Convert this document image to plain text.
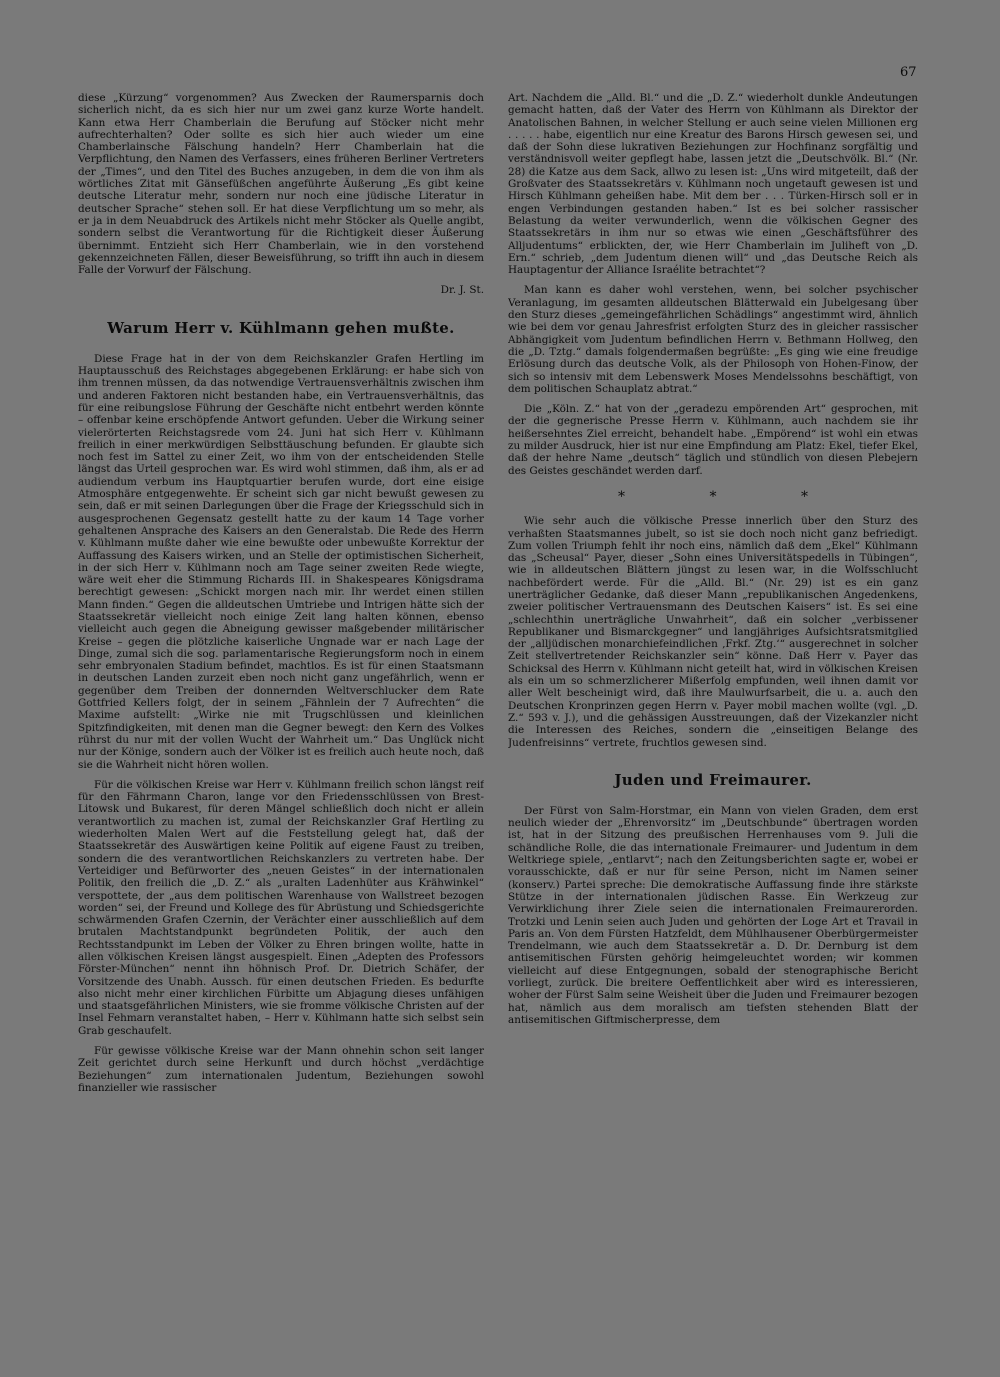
67

diese „Kürzung“ vorgenommen? Aus Zwecken der Raumersparnis doch sicherlich nicht, da es sich hier nur um zwei ganz kurze Worte handelt. Kann etwa Herr Chamberlain die Berufung auf Stöcker nicht mehr aufrechterhalten? Oder sollte es sich hier auch wieder um eine Chamberlainsche Fälschung handeln? Herr Chamberlain hat die Verpflichtung, den Namen des Verfassers, eines früheren Berliner Vertreters der „Times“, und den Titel des Buches anzugeben, in dem die von ihm als wörtliches Zitat mit Gänsefüßchen angeführte Äußerung „Es gibt keine deutsche Literatur mehr, sondern nur noch eine jüdische Literatur in deutscher Sprache“ stehen soll. Er hat diese Verpflichtung um so mehr, als er ja in dem Neuabdruck des Artikels nicht mehr Stöcker als Quelle angibt, sondern selbst die Verantwortung für die Richtigkeit dieser Äußerung übernimmt. Entzieht sich Herr Chamberlain, wie in den vorstehend gekennzeichneten Fällen, dieser Beweisführung, so trifft ihn auch in diesem Falle der Vorwurf der Fälschung.

Dr. J. St.

Warum Herr v. Kühlmann gehen mußte.

Diese Frage hat in der von dem Reichskanzler Grafen Hertling im Hauptausschuß des Reichstages abgegebenen Erklärung: er habe sich von ihm trennen müssen, da das notwendige Vertrauensverhältnis zwischen ihm und anderen Faktoren nicht bestanden habe, ein Vertrauensverhältnis, das für eine reibungslose Führung der Geschäfte nicht entbehrt werden könnte – offenbar keine erschöpfende Antwort gefunden. Ueber die Wirkung seiner vielerörterten Reichstagsrede vom 24. Juni hat sich Herr v. Kühlmann freilich in einer merkwürdigen Selbsttäuschung befunden. Er glaubte sich noch fest im Sattel zu einer Zeit, wo ihm von der entscheidenden Stelle längst das Urteil gesprochen war. Es wird wohl stimmen, daß ihm, als er ad audiendum verbum ins Hauptquartier berufen wurde, dort eine eisige Atmosphäre entgegenwehte. Er scheint sich gar nicht bewußt gewesen zu sein, daß er mit seinen Darlegungen über die Frage der Kriegsschuld sich in ausgesprochenen Gegensatz gestellt hatte zu der kaum 14 Tage vorher gehaltenen Ansprache des Kaisers an den Generalstab. Die Rede des Herrn v. Kühlmann mußte daher wie eine bewußte oder unbewußte Korrektur der Auffassung des Kaisers wirken, und an Stelle der optimistischen Sicherheit, in der sich Herr v. Kühlmann noch am Tage seiner zweiten Rede wiegte, wäre weit eher die Stimmung Richards III. in Shakespeares Königsdrama berechtigt gewesen: „Schickt morgen nach mir. Ihr werdet einen stillen Mann finden.“ Gegen die alldeutschen Umtriebe und Intrigen hätte sich der Staatssekretär vielleicht noch einige Zeit lang halten können, ebenso vielleicht auch gegen die Abneigung gewisser maßgebender militärischer Kreise – gegen die plötzliche kaiserliche Ungnade war er nach Lage der Dinge, zumal sich die sog. parlamentarische Regierungsform noch in einem sehr embryonalen Stadium befindet, machtlos. Es ist für einen Staatsmann in deutschen Landen zurzeit eben noch nicht ganz ungefährlich, wenn er gegenüber dem Treiben der donnernden Weltverschlucker dem Rate Gottfried Kellers folgt, der in seinem „Fähnlein der 7 Aufrechten“ die Maxime aufstellt: „Wirke nie mit Trugschlüssen und kleinlichen Spitzfindigkeiten, mit denen man die Gegner bewegt: den Kern des Volkes rührst du nur mit der vollen Wucht der Wahrheit um.“ Das Unglück nicht nur der Könige, sondern auch der Völker ist es freilich auch heute noch, daß sie die Wahrheit nicht hören wollen.

Für die völkischen Kreise war Herr v. Kühlmann freilich schon längst reif für den Fährmann Charon, lange vor den Friedensschlüssen von Brest-Litowsk und Bukarest, für deren Mängel schließlich doch nicht er allein verantwortlich zu machen ist, zumal der Reichskanzler Graf Hertling zu wiederholten Malen Wert auf die Feststellung gelegt hat, daß der Staatssekretär des Auswärtigen keine Politik auf eigene Faust zu treiben, sondern die des verantwortlichen Reichskanzlers zu vertreten habe. Der Verteidiger und Befürworter des „neuen Geistes“ in der internationalen Politik, den freilich die „D. Z.“ als „uralten Ladenhüter aus Krähwinkel“ verspottete, der „aus dem politischen Warenhause von Wallstreet bezogen worden“ sei, der Freund und Kollege des für Abrüstung und Schiedsgerichte schwärmenden Grafen Czernin, der Verächter einer ausschließlich auf dem brutalen Machtstandpunkt begründeten Politik, der auch den Rechtsstandpunkt im Leben der Völker zu Ehren bringen wollte, hatte in allen völkischen Kreisen längst ausgespielt. Einen „Adepten des Professors Förster-München“ nennt ihn höhnisch Prof. Dr. Dietrich Schäfer, der Vorsitzende des Unabh. Aussch. für einen deutschen Frieden. Es bedurfte also nicht mehr einer kirchlichen Fürbitte um Abjagung dieses unfähigen und staatsgefährlichen Ministers, wie sie fromme völkische Christen auf der Insel Fehmarn veranstaltet haben, – Herr v. Kühlmann hatte sich selbst sein Grab geschaufelt.

Für gewisse völkische Kreise war der Mann ohnehin schon seit langer Zeit gerichtet durch seine Herkunft und durch höchst „verdächtige Beziehungen“ zum internationalen Judentum, Beziehungen sowohl finanzieller wie rassischer

Art. Nachdem die „Alld. Bl.“ und die „D. Z.“ wiederholt dunkle Andeutungen gemacht hatten, daß der Vater des Herrn von Kühlmann als Direktor der Anatolischen Bahnen, in welcher Stellung er auch seine vielen Millionen erg . . . . . habe, eigentlich nur eine Kreatur des Barons Hirsch gewesen sei, und daß der Sohn diese lukrativen Beziehungen zur Hochfinanz sorgfältig und verständnisvoll weiter gepflegt habe, lassen jetzt die „Deutschvölk. Bl.“ (Nr. 28) die Katze aus dem Sack, allwo zu lesen ist: „Uns wird mitgeteilt, daß der Großvater des Staatssekretärs v. Kühlmann noch ungetauft gewesen ist und Hirsch Kühlmann geheißen habe. Mit dem ber . . . Türken-Hirsch soll er in engen Verbindungen gestanden haben.“ Ist es bei solcher rassischer Belastung da weiter verwunderlich, wenn die völkischen Gegner des Staatssekretärs in ihm nur so etwas wie einen „Geschäftsführer des Alljudentums“ erblickten, der, wie Herr Chamberlain im Juliheft von „D. Ern.“ schrieb, „dem Judentum dienen will“ und „das Deutsche Reich als Hauptagentur der Alliance Israélite betrachtet“?

Man kann es daher wohl verstehen, wenn, bei solcher psychischer Veranlagung, im gesamten alldeutschen Blätterwald ein Jubelgesang über den Sturz dieses „gemeingefährlichen Schädlings“ angestimmt wird, ähnlich wie bei dem vor genau Jahresfrist erfolgten Sturz des in gleicher rassischer Abhängigkeit vom Judentum befindlichen Herrn v. Bethmann Hollweg, den die „D. Tztg.“ damals folgendermaßen begrüßte: „Es ging wie eine freudige Erlösung durch das deutsche Volk, als der Philosoph von Hohen-Finow, der sich so intensiv mit dem Lebenswerk Moses Mendelssohns beschäftigt, von dem politischen Schauplatz abtrat.“

Die „Köln. Z.“ hat von der „geradezu empörenden Art“ gesprochen, mit der die gegnerische Presse Herrn v. Kühlmann, auch nachdem sie ihr heißersehntes Ziel erreicht, behandelt habe. „Empörend“ ist wohl ein etwas zu milder Ausdruck, hier ist nur eine Empfindung am Platz: Ekel, tiefer Ekel, daß der hehre Name „deutsch“ täglich und stündlich von diesen Plebejern des Geistes geschändet werden darf.

* * *

Wie sehr auch die völkische Presse innerlich über den Sturz des verhaßten Staatsmannes jubelt, so ist sie doch noch nicht ganz befriedigt. Zum vollen Triumph fehlt ihr noch eins, nämlich daß dem „Ekel“ Kühlmann das „Scheusal“ Payer, dieser „Sohn eines Universitätspedells in Tübingen“, wie in alldeutschen Blättern jüngst zu lesen war, in die Wolfsschlucht nachbefördert werde. Für die „Alld. Bl.“ (Nr. 29) ist es ein ganz unerträglicher Gedanke, daß dieser Mann „republikanischen Angedenkens, zweier politischer Vertrauensmann des Deutschen Kaisers“ ist. Es sei eine „schlechthin unerträgliche Unwahrheit“, daß ein solcher „verbissener Republikaner und Bismarckgegner“ und langjähriges Aufsichtsratsmitglied der „alljüdischen monarchiefeindlichen ‚Frkf. Ztg.‘“ ausgerechnet in solcher Zeit stellvertretender Reichskanzler sein“ könne. Daß Herr v. Payer das Schicksal des Herrn v. Kühlmann nicht geteilt hat, wird in völkischen Kreisen als ein um so schmerzlicherer Mißerfolg empfunden, weil ihnen damit vor aller Welt bescheinigt wird, daß ihre Maulwurfsarbeit, die u. a. auch den Deutschen Kronprinzen gegen Herrn v. Payer mobil machen wollte (vgl. „D. Z.“ 593 v. J.), und die gehässigen Ausstreuungen, daß der Vizekanzler nicht die Interessen des Reiches, sondern die „einseitigen Belange des Judenfreisinns“ vertrete, fruchtlos gewesen sind.

Juden und Freimaurer.

Der Fürst von Salm-Horstmar, ein Mann von vielen Graden, dem erst neulich wieder der „Ehrenvorsitz“ im „Deutschbunde“ übertragen worden ist, hat in der Sitzung des preußischen Herrenhauses vom 9. Juli die schändliche Rolle, die das internationale Freimaurer- und Judentum in dem Weltkriege spiele, „entlarvt“; nach den Zeitungsberichten sagte er, wobei er vorausschickte, daß er nur für seine Person, nicht im Namen seiner (konserv.) Partei spreche: Die demokratische Auffassung finde ihre stärkste Stütze in der internationalen jüdischen Rasse. Ein Werkzeug zur Verwirklichung ihrer Ziele seien die internationalen Freimaurerorden. Trotzki und Lenin seien auch Juden und gehörten der Loge Art et Travail in Paris an. Von dem Fürsten Hatzfeldt, dem Mühlhausener Oberbürgermeister Trendelmann, wie auch dem Staatssekretär a. D. Dr. Dernburg ist dem antisemitischen Fürsten gehörig heimgeleuchtet worden; wir kommen vielleicht auf diese Entgegnungen, sobald der stenographische Bericht vorliegt, zurück. Die breitere Oeffentlichkeit aber wird es interessieren, woher der Fürst Salm seine Weisheit über die Juden und Freimaurer bezogen hat, nämlich aus dem moralisch am tiefsten stehenden Blatt der antisemitischen Giftmischerpresse, dem
